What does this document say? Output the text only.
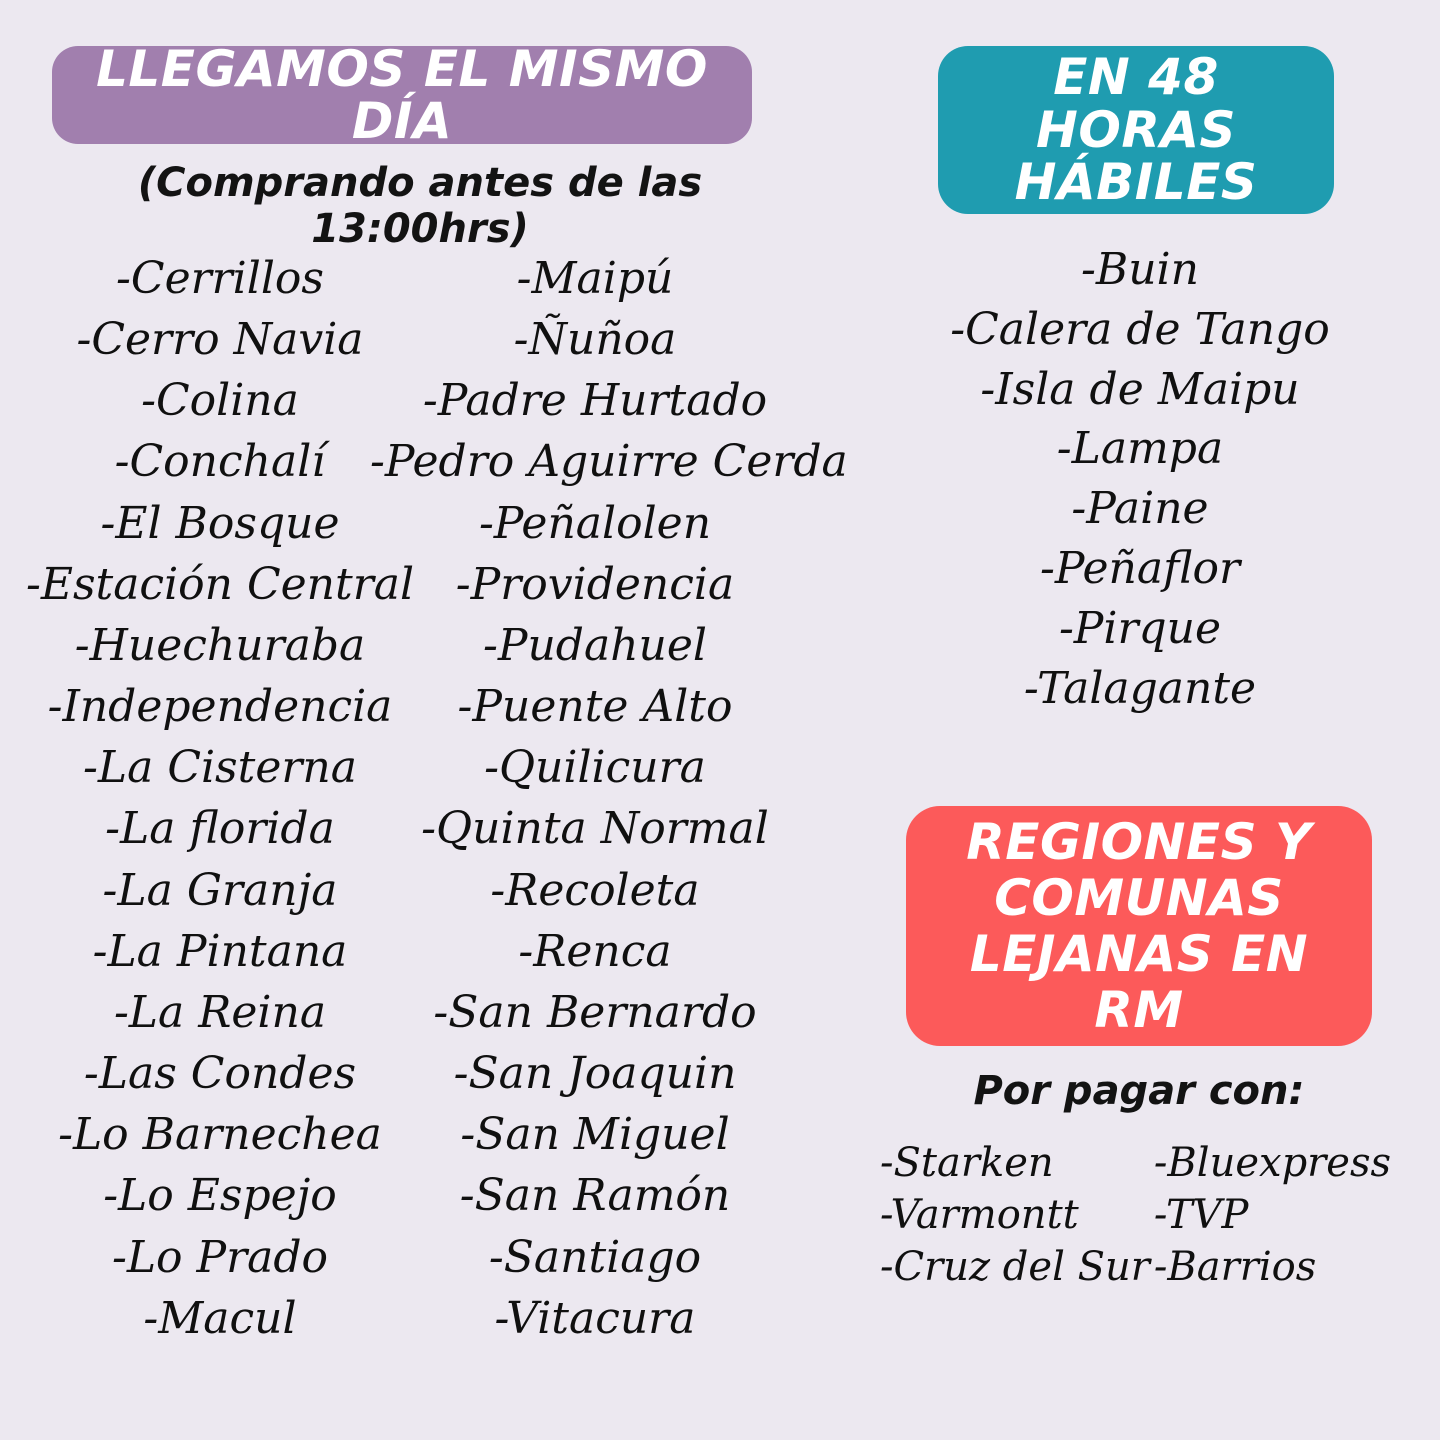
LLEGAMOS EL MISMO DÍA
(Comprando antes de las 13:00hrs)
-Cerrillos
-Cerro Navia
-Colina
-Conchalí
-El Bosque
-Estación Central
-Huechuraba
-Independencia
-La Cisterna
-La florida
-La Granja
-La Pintana
-La Reina
-Las Condes
-Lo Barnechea
-Lo Espejo
-Lo Prado
-Macul
-Maipú
-Ñuñoa
-Padre Hurtado
-Pedro Aguirre Cerda
-Peñalolen
-Providencia
-Pudahuel
-Puente Alto
-Quilicura
-Quinta Normal
-Recoleta
-Renca
-San Bernardo
-San Joaquin
-San Miguel
-San Ramón
-Santiago
-Vitacura
EN 48 HORAS HÁBILES
-Buin
-Calera de Tango
-Isla de Maipu
-Lampa
-Paine
-Peñaflor
-Pirque
-Talagante
REGIONES Y COMUNAS LEJANAS EN RM
Por pagar con:
-Starken	-Bluexpress
-Varmontt	-TVP
-Cruz del Sur -Barrios
